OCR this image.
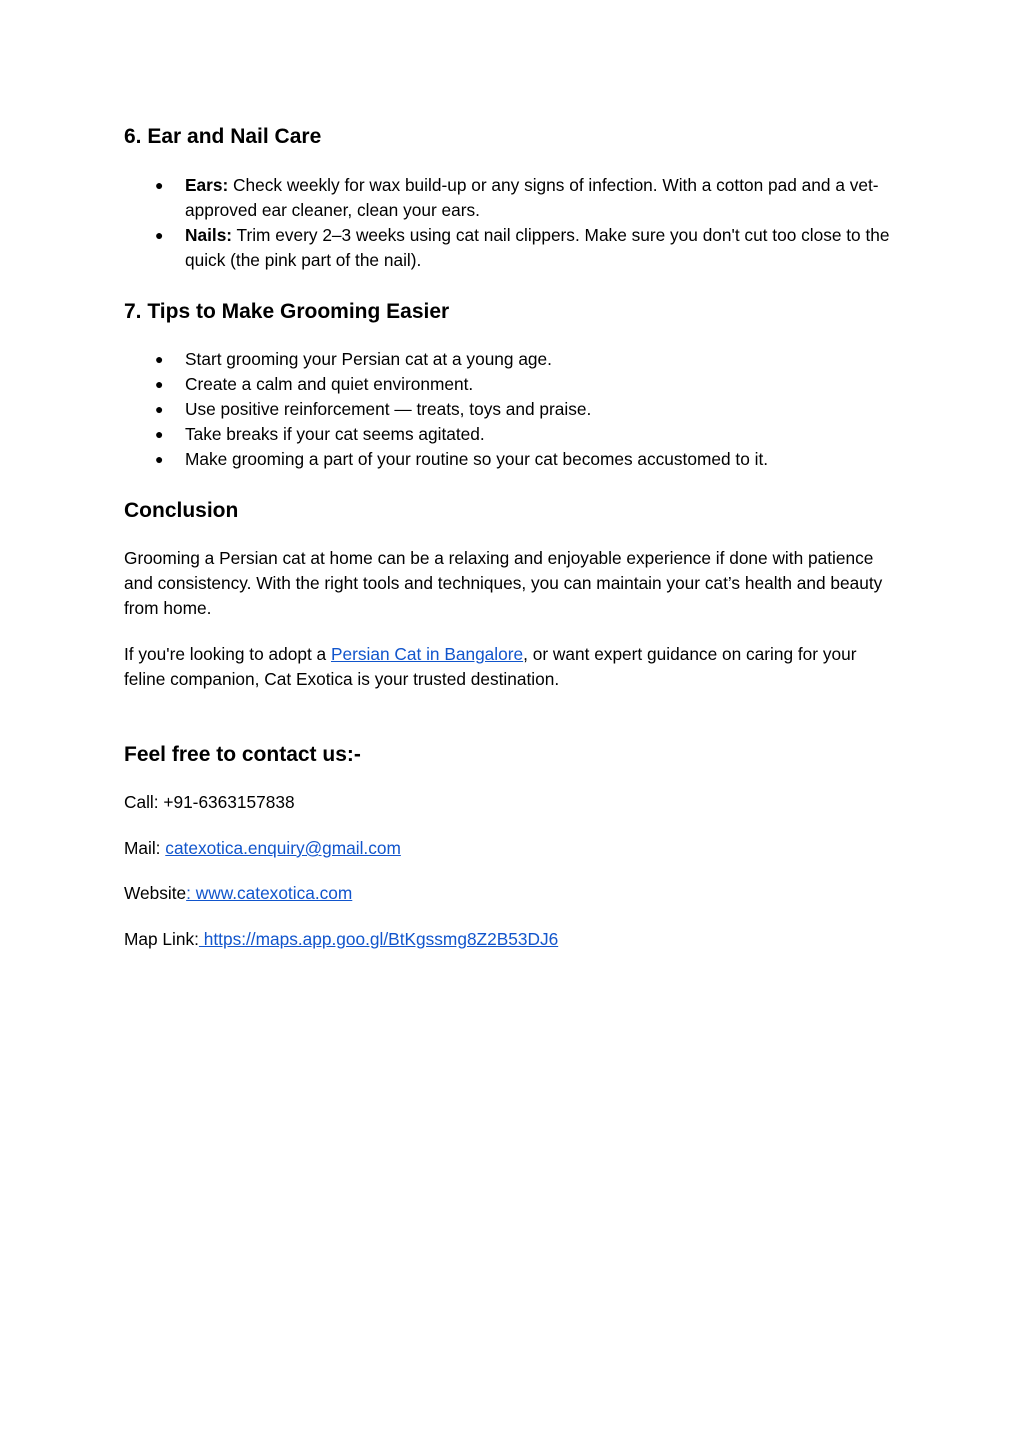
6. Ear and Nail Care
● Ears: Check weekly for wax build-up or any signs of infection. With a cotton pad and a vet-approved ear cleaner, clean your ears.
● Nails: Trim every 2–3 weeks using cat nail clippers. Make sure you don't cut too close to the quick (the pink part of the nail).
7. Tips to Make Grooming Easier
● Start grooming your Persian cat at a young age.
● Create a calm and quiet environment.
● Use positive reinforcement — treats, toys and praise.
● Take breaks if your cat seems agitated.
● Make grooming a part of your routine so your cat becomes accustomed to it.
Conclusion

Grooming a Persian cat at home can be a relaxing and enjoyable experience if done with patience and consistency. With the right tools and techniques, you can maintain your cat’s health and beauty from home.

If you're looking to adopt a Persian Cat in Bangalore, or want expert guidance on caring for your feline companion, Cat Exotica is your trusted destination.

Feel free to contact us:-

Call: +91-6363157838

Mail: catexotica.enquiry@gmail.com

Website: www.catexotica.com

Map Link: https://maps.app.goo.gl/BtKgssmg8Z2B53DJ6
